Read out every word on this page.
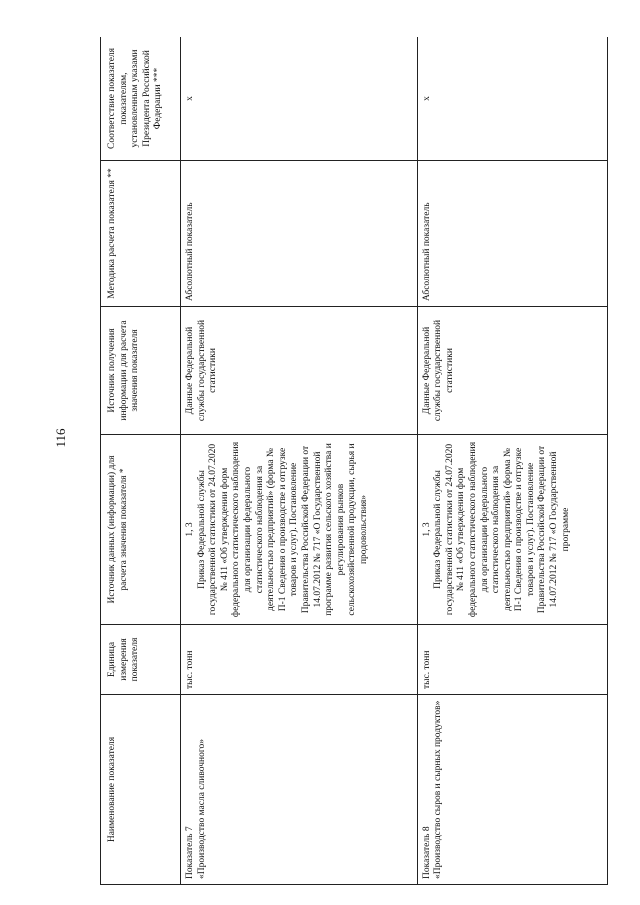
116
Наименование показателя	Единица измерения показателя	Источник данных (информации) для расчета значения показателя *	Источник получения информации для расчета значения показателя	Методика расчета показателя **	Соответствие показателя показателям, установленным указами Президента Российской Федерации ***
Показатель 7 «Производство масла сливочного»	тыс. тонн	1, 3 Приказ Федеральной службы государственной статистики от 24.07.2020 № 411 «Об утверждении форм федерального статистического наблюдения для организации федерального статистического наблюдения за деятельностью предприятий» (форма № П-1 Сведения о производстве и отгрузке товаров и услуг). Постановление Правительства Российской Федерации от 14.07.2012 № 717 «О Государственной программе развития сельского хозяйства и регулирования рынков сельскохозяйственной продукции, сырья и продовольствия»	Данные Федеральной службы государственной статистики	Абсолютный показатель	x
Показатель 8 «Производство сыров и сырных продуктов»	тыс. тонн	1, 3 Приказ Федеральной службы государственной статистики от 24.07.2020 № 411 «Об утверждении форм федерального статистического наблюдения для организации федерального статистического наблюдения за деятельностью предприятий» (форма № П-1 Сведения о производстве и отгрузке товаров и услуг). Постановление Правительства Российской Федерации от 14.07.2012 № 717 «О Государственной программе	Данные Федеральной службы государственной статистики	Абсолютный показатель	x
